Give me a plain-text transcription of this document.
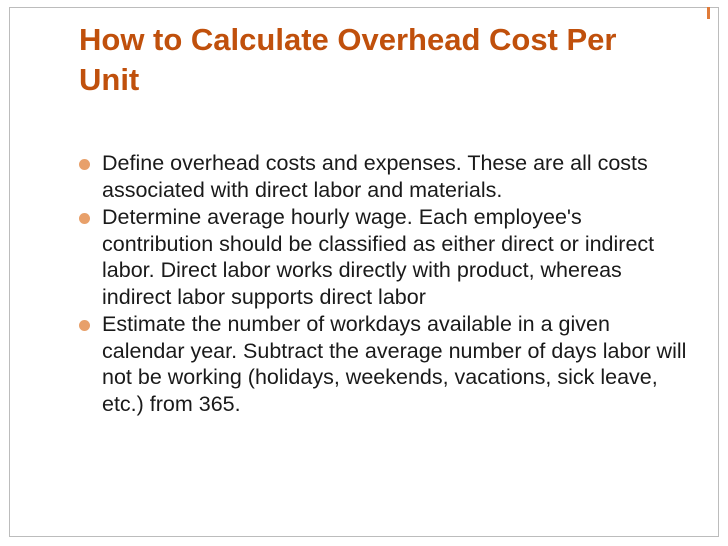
How to Calculate Overhead Cost Per Unit
Define overhead costs and expenses. These are all costs associated with direct labor and materials.
Determine average hourly wage. Each employee's contribution should be classified as either direct or indirect labor. Direct labor works directly with product, whereas indirect labor supports direct labor
Estimate the number of workdays available in a given calendar year. Subtract the average number of days labor will not be working (holidays, weekends, vacations, sick leave, etc.) from 365.
